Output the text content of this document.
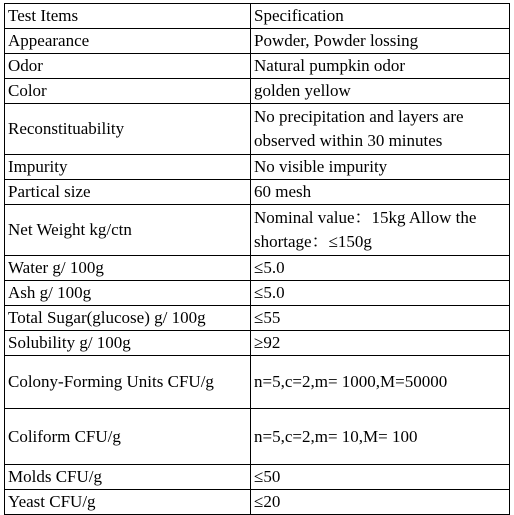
Test Items	Specification
Appearance	Powder, Powder lossing
Odor	Natural pumpkin odor
Color	golden yellow
Reconstituability	No precipitation and layers are observed within 30 minutes
Impurity	No visible impurity
Partical size	60 mesh
Net Weight kg/ctn	Nominal value：15kg Allow the shortage：≤150g
Water g/ 100g	≤5.0
Ash g/ 100g	≤5.0
Total Sugar(glucose) g/ 100g	≤55
Solubility g/ 100g	≥92
Colony-Forming Units CFU/g	n=5,c=2,m= 1000,M=50000
Coliform CFU/g	n=5,c=2,m= 10,M= 100
Molds CFU/g	≤50
Yeast CFU/g	≤20
